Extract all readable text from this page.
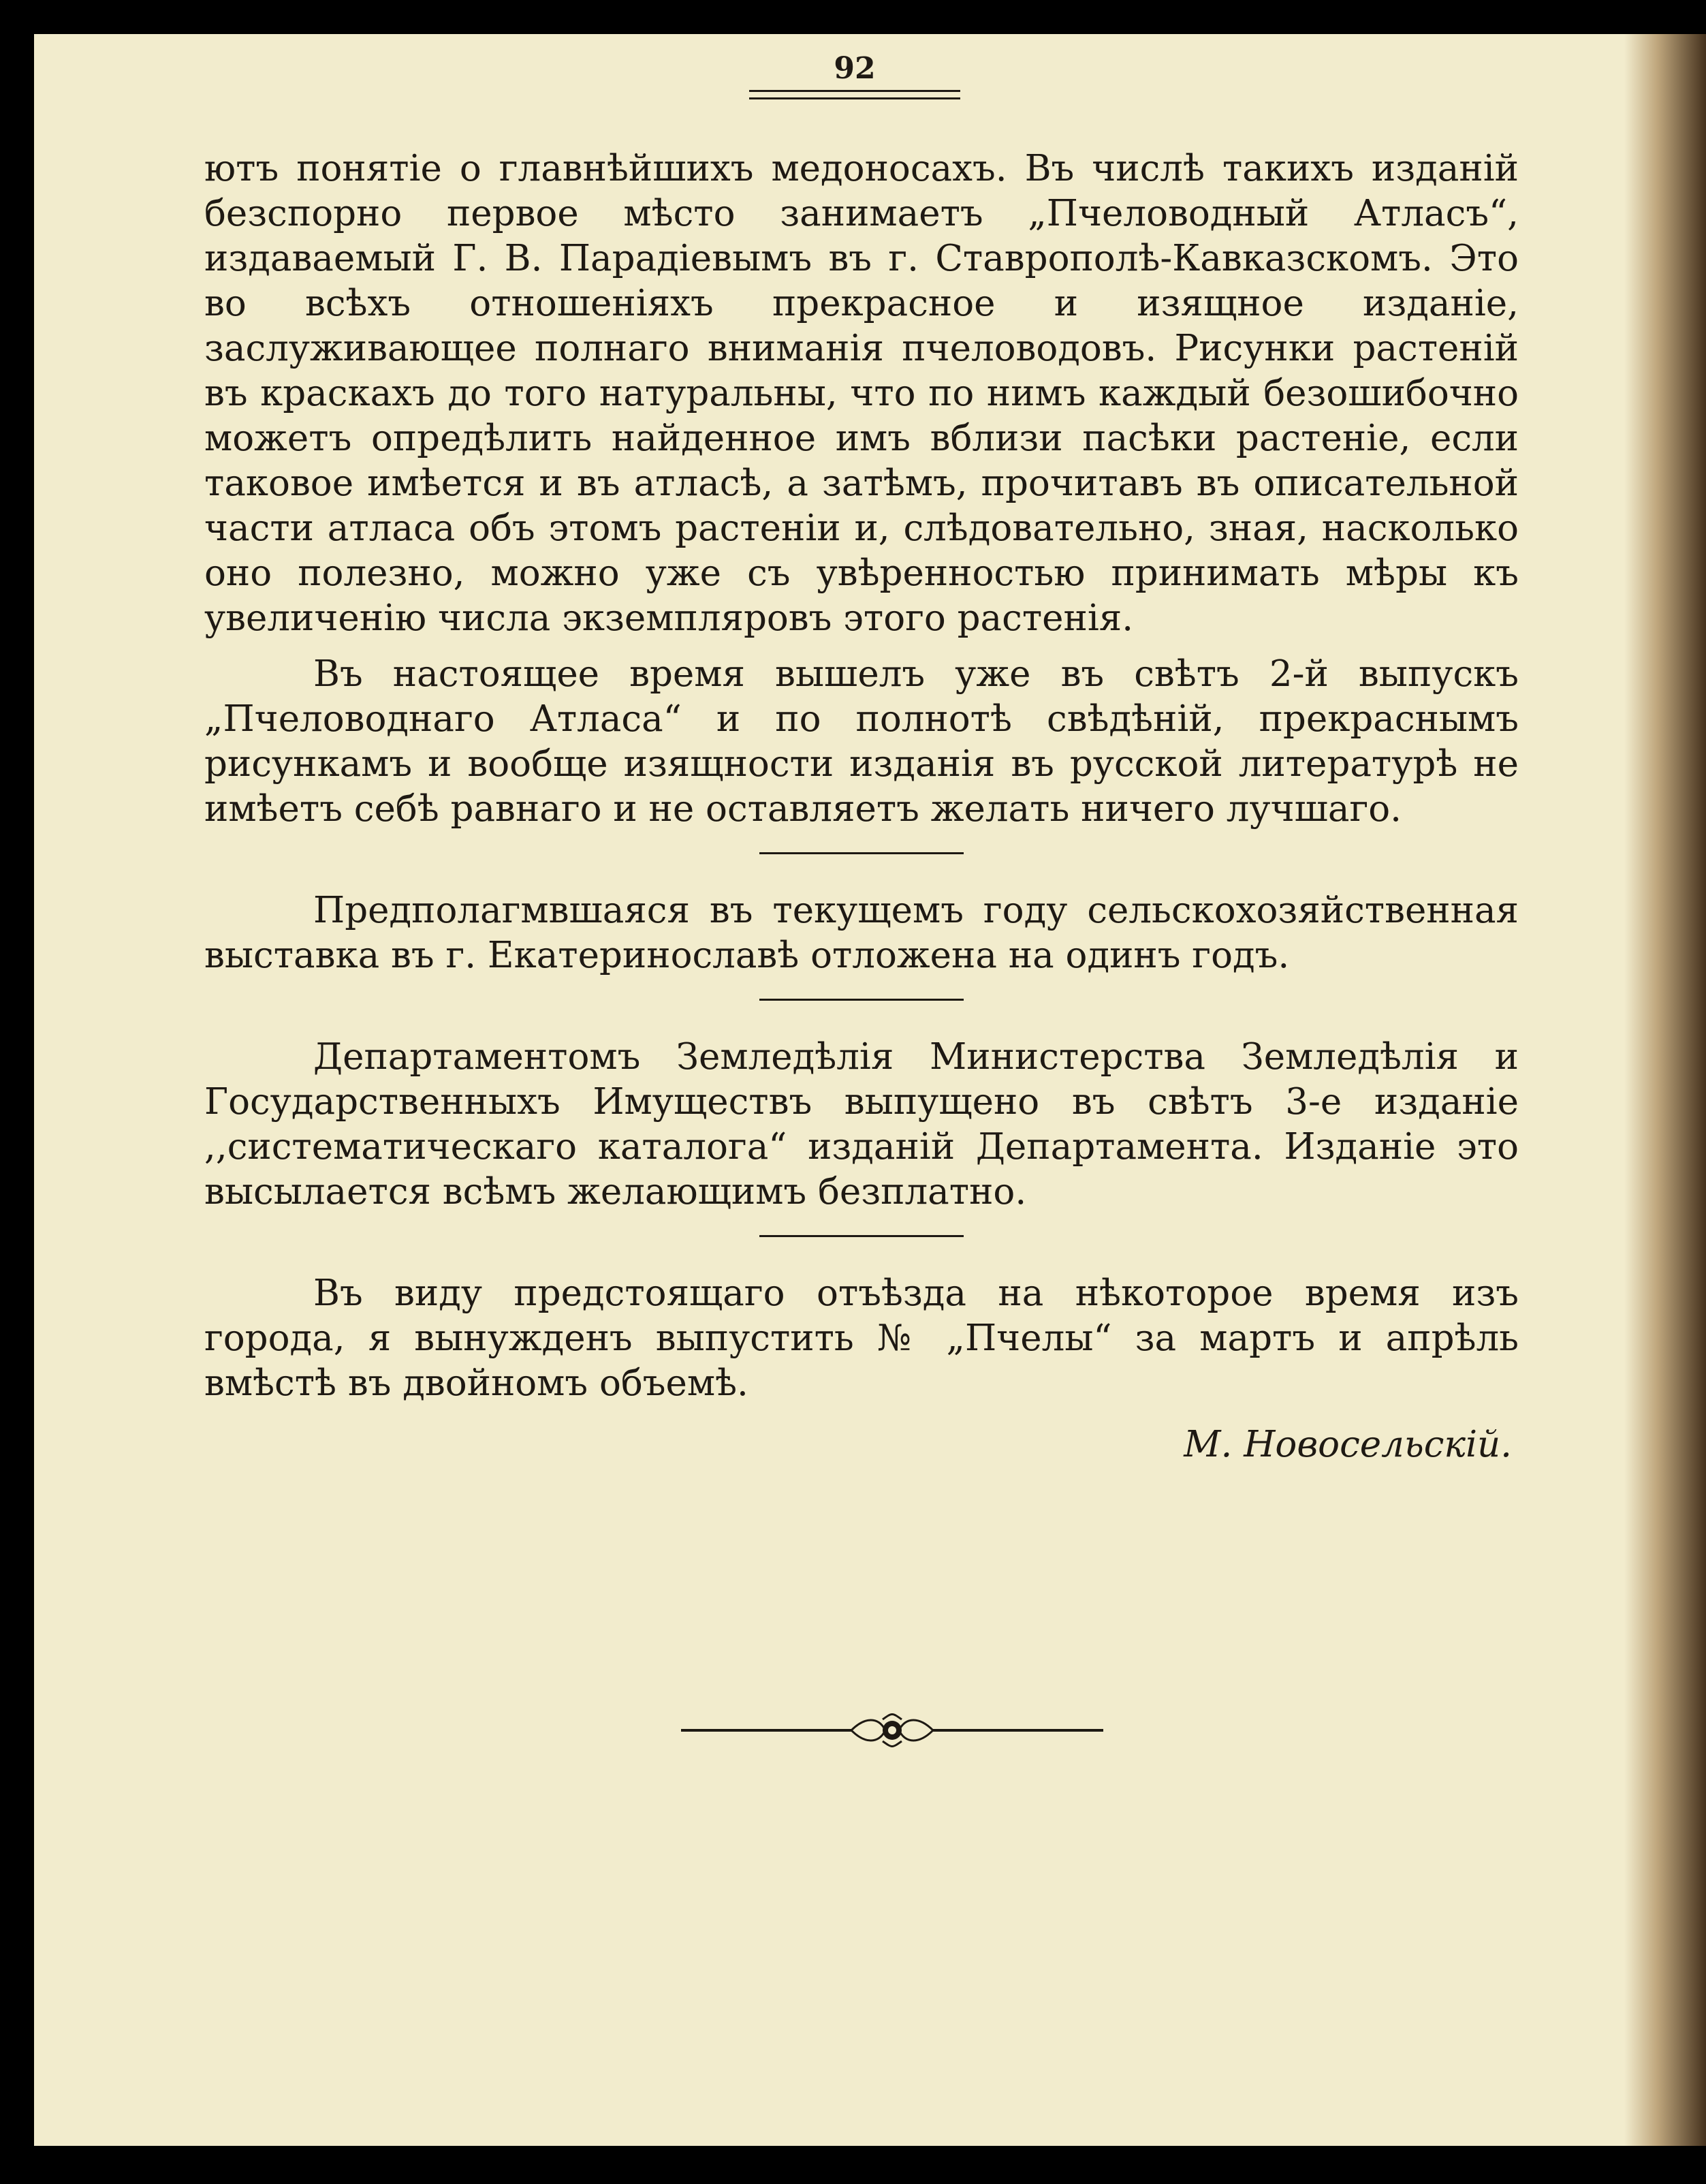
92

ютъ понятіе о главнѣйшихъ медоносахъ. Въ числѣ такихъ изданій безспорно первое мѣсто занимаетъ „Пчеловодный Атласъ“, издаваемый Г. В. Парадіевымъ въ г. Ставрополѣ-Кавказскомъ. Это во всѣхъ отношеніяхъ прекрасное и изящное изданіе, заслуживающее полнаго вниманія пчеловодовъ. Рисунки растеній въ краскахъ до того натуральны, что по нимъ каждый безошибочно можетъ опредѣлить найденное имъ вблизи пасѣки растеніе, если таковое имѣется и въ атласѣ, а затѣмъ, прочитавъ въ описательной части атласа объ этомъ растеніи и, слѣдовательно, зная, насколько оно полезно, можно уже съ увѣренностью принимать мѣры къ увеличенію числа экземпляровъ этого растенія.

Въ настоящее время вышелъ уже въ свѣтъ 2-й выпускъ „Пчеловоднаго Атласа“ и по полнотѣ свѣдѣній, прекраснымъ рисункамъ и вообще изящности изданія въ русской литературѣ не имѣетъ себѣ равнаго и не оставляетъ желать ничего лучшаго.

Предполагмвшаяся въ текущемъ году сельскохозяйственная выставка въ г. Екатеринославѣ отложена на одинъ годъ.

Департаментомъ Земледѣлія Министерства Земледѣлія и Государственныхъ Имуществъ выпущено въ свѣтъ 3-е изданіе ,,систематическаго каталога“ изданій Департамента. Изданіе это высылается всѣмъ желающимъ безплатно.

Въ виду предстоящаго отъѣзда на нѣкоторое время изъ города, я вынужденъ выпустить № „Пчелы“ за мартъ и апрѣль вмѣстѣ въ двойномъ объемѣ.

М. Новосельскій.
